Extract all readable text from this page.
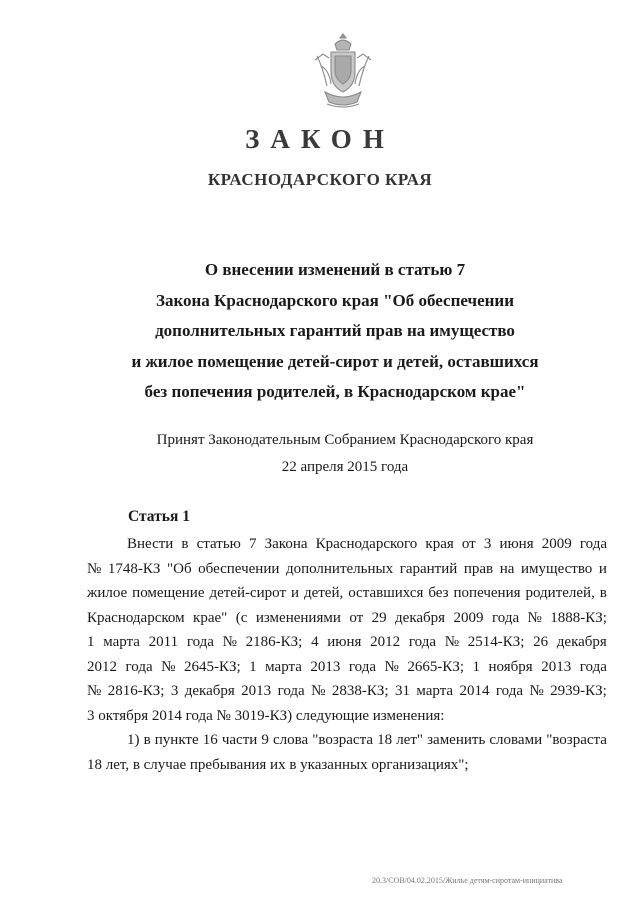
ЗАКОН
КРАСНОДАРСКОГО КРАЯ
О внесении изменений в статью 7
Закона Краснодарского края "Об обеспечении
дополнительных гарантий прав на имущество
и жилое помещение детей-сирот и детей, оставшихся
без попечения родителей, в Краснодарском крае"
Принят Законодательным Собранием Краснодарского края
22 апреля 2015 года
Статья 1
Внести в статью 7 Закона Краснодарского края от 3 июня 2009 года
№ 1748-КЗ "Об обеспечении дополнительных гарантий прав на имущество и
жилое помещение детей-сирот и детей, оставшихся без попечения родителей, в
Краснодарском крае" (с изменениями от 29 декабря 2009 года № 1888-КЗ;
1 марта 2011 года № 2186-КЗ; 4 июня 2012 года № 2514-КЗ; 26 декабря
2012 года № 2645-КЗ; 1 марта 2013 года № 2665-КЗ; 1 ноября 2013 года
№ 2816-КЗ; 3 декабря 2013 года № 2838-КЗ; 31 марта 2014 года № 2939-КЗ;
3 октября 2014 года № 3019-КЗ) следующие изменения:
1) в пункте 16 части 9 слова "возраста 18 лет" заменить словами "возраста
18 лет, в случае пребывания их в указанных организациях";
20.3/СОВ/04.02.2015/Жилье детям-сиротам-инициатива
